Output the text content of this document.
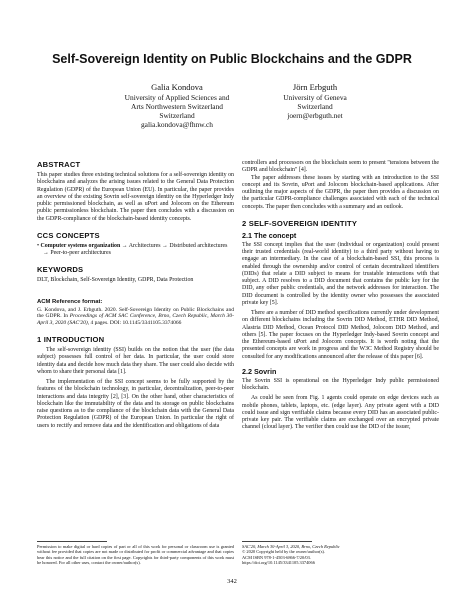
Self-Sovereign Identity on Public Blockchains and the GDPR
Galia Kondova
University of Applied Sciences and
Arts Northwestern Switzerland
Switzerland
galia.kondova@fhnw.ch
Jörn Erbguth
University of Geneva
Switzerland
joern@erbguth.net
ABSTRACT

This paper studies three existing technical solutions for a self-sovereign identity on blockchains and analyzes the arising issues related to the General Data Protection Regulation (GDPR) of the European Union (EU). In particular, the paper provides an overview of the existing Sovrin self-sovereign identity on the Hyperledger Indy public permissioned blockchain, as well as uPort and Jolocom on the Ethereum public permissionless blockchain. The paper then concludes with a discussion on the GDPR-compliance of the blockchain-based identity concepts.

CCS CONCEPTS
• Computer systems organization → Architectures → Distributed architectures → Peer-to-peer architectures
KEYWORDS

DLT, Blockchain, Self-Sovereign Identity, GDPR, Data Protection

ACM Reference format:
G. Kondova, and J. Erbguth. 2020. Self-Sovereign Identity on Public Blockchains and the GDPR. In Proceedings of ACM SAC Conference, Brno, Czech Republic, March 30- April 3, 2020 (SAC'20), 4 pages. DOI: 10.1145/3341105.3374066
1 INTRODUCTION

The self-sovereign identity (SSI) builds on the notion that the user (the data subject) possesses full control of her data. In particular, the user could store identity data and decide how much data they share. The user could also decide with whom to share their personal data [1].

The implementation of the SSI concept seems to be fully supported by the features of the blockchain technology, in particular, decentralization, peer-to-peer interactions and data integrity [2], [3]. On the other hand, other characteristics of blockchain like the immutability of the data and its storage on public blockchains raise questions as to the compliance of the blockchain data with the General Data Protection Regulation (GDPR) of the European Union. In particular the right of users to rectify and remove data and the identification and obligations of data

controllers and processors on the blockchain seem to present "tensions between the GDPR and blockchain" [4].

The paper addresses these issues by starting with an introduction to the SSI concept and its Sovrin, uPort and Jolocom blockchain-based applications. After outlining the major aspects of the GDPR, the paper then provides a discussion on the particular GDPR-compliance challenges associated with each of the technical concepts. The paper then concludes with a summary and an outlook.

2 SELF-SOVEREIGN IDENTITY
2.1 The concept

The SSI concept implies that the user (individual or organization) could present their trusted credentials (real-world identity) to a third party without having to engage an intermediary. In the case of a blockchain-based SSI, this process is enabled through the ownership and/or control of certain decentralized identifiers (DIDs) that relate a DID subject to means for trustable interactions with that subject. A DID resolves to a DID document that contains the public key for the DID, any other public credentials, and the network addresses for interaction. The DID document is controlled by the identity owner who possesses the associated private key [5].

There are a number of DID method specifications currently under development on different blockchains including the Sovrin DID Method, ETHR DID Method, Alastria DID Method, Ocean Protocol DID Method, Jolocom DID Method, and others [5]. The paper focuses on the Hyperledger Indy-based Sovrin concept and the Ethereum-based uPort and Jolocom concepts. It is worth noting that the presented concepts are work in progress and the W3C Method Registry should be consulted for any modifications announced after the release of this paper [6].

2.2 Sovrin

The Sovrin SSI is operational on the Hyperledger Indy public permissioned blockchain.

As could be seen from Fig. 1 agents could operate on edge devices such as mobile phones, tablets, laptops, etc. (edge layer). Any private agent with a DID could issue and sign verifiable claims because every DID has an associated public-private key pair. The verifiable claims are exchanged over an encrypted private channel (cloud layer). The verifier then could use the DID of the issuer,

Permission to make digital or hard copies of part or all of this work for personal or classroom use is granted without fee provided that copies are not made or distributed for profit or commercial advantage and that copies bear this notice and the full citation on the first page. Copyrights for third-party components of this work must be honored. For all other uses, contact the owner/author(s).
SAC'20, March 30-April 3, 2020, Brno, Czech Republic
© 2020 Copyright held by the owner/author(s).
ACM ISBN 978-1-4503-6866-7/20/03.
https://doi.org/10.1145/3341105.3374066
342
